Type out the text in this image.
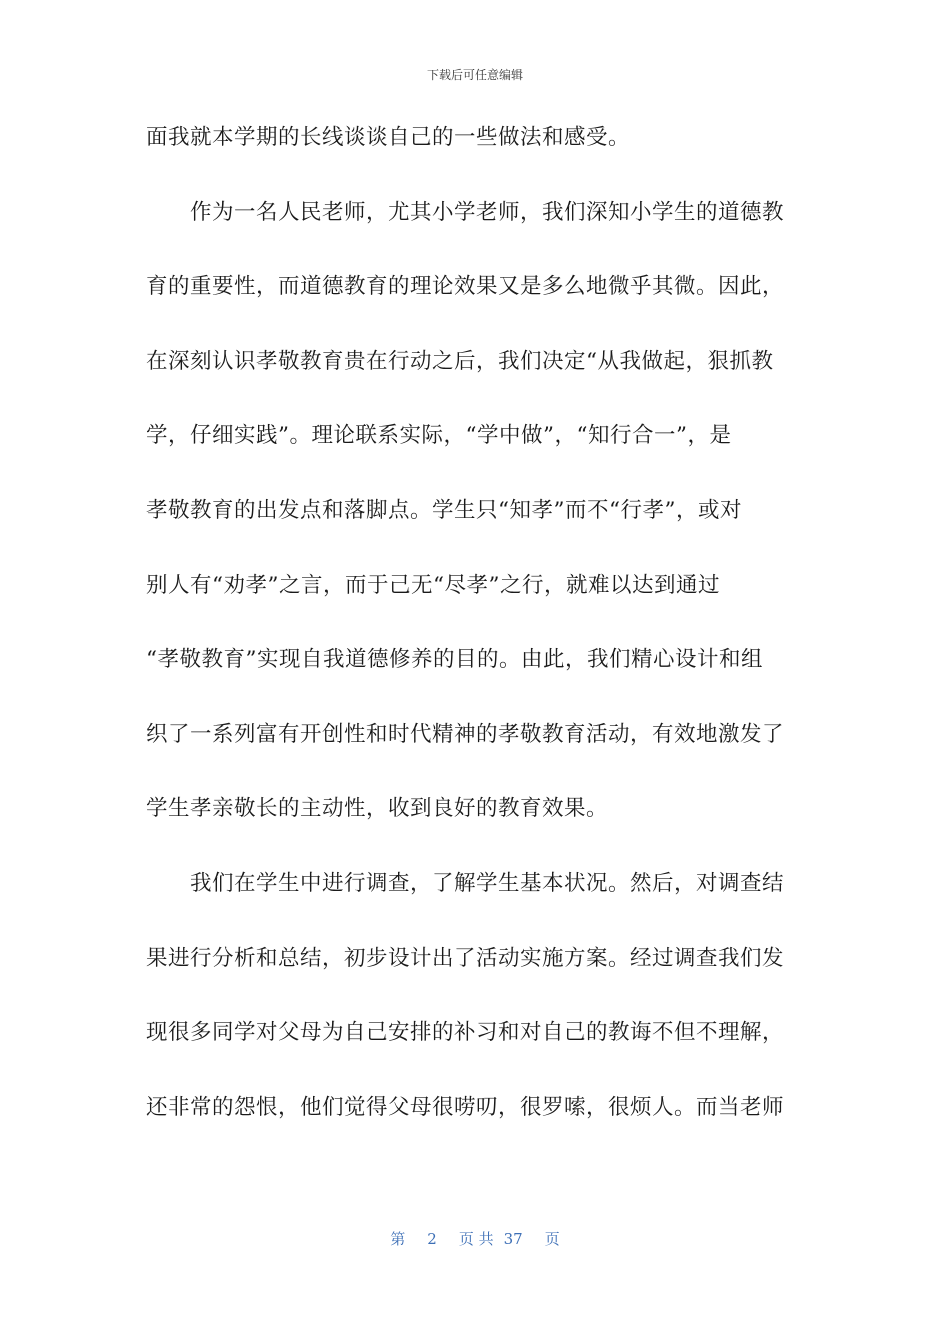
下载后可任意编辑
面我就本学期的长线谈谈自己的一些做法和感受。
　　作为一名人民老师，尤其小学老师，我们深知小学生的道德教
育的重要性，而道德教育的理论效果又是多么地微乎其微。因此，
在深刻认识孝敬教育贵在行动之后，我们决定“从我做起，狠抓教
学，仔细实践”。理论联系实际，“学中做”，“知行合一”，是
孝敬教育的出发点和落脚点。学生只“知孝”而不“行孝”，或对
别人有“劝孝”之言，而于己无“尽孝”之行，就难以达到通过
“孝敬教育”实现自我道德修养的目的。由此，我们精心设计和组
织了一系列富有开创性和时代精神的孝敬教育活动，有效地激发了
学生孝亲敬长的主动性，收到良好的教育效果。
　　我们在学生中进行调查，了解学生基本状况。然后，对调查结
果进行分析和总结，初步设计出了活动实施方案。经过调查我们发
现很多同学对父母为自己安排的补习和对自己的教诲不但不理解，
还非常的怨恨，他们觉得父母很唠叨，很罗嗦，很烦人。而当老师
第 2 页 共 37 页
